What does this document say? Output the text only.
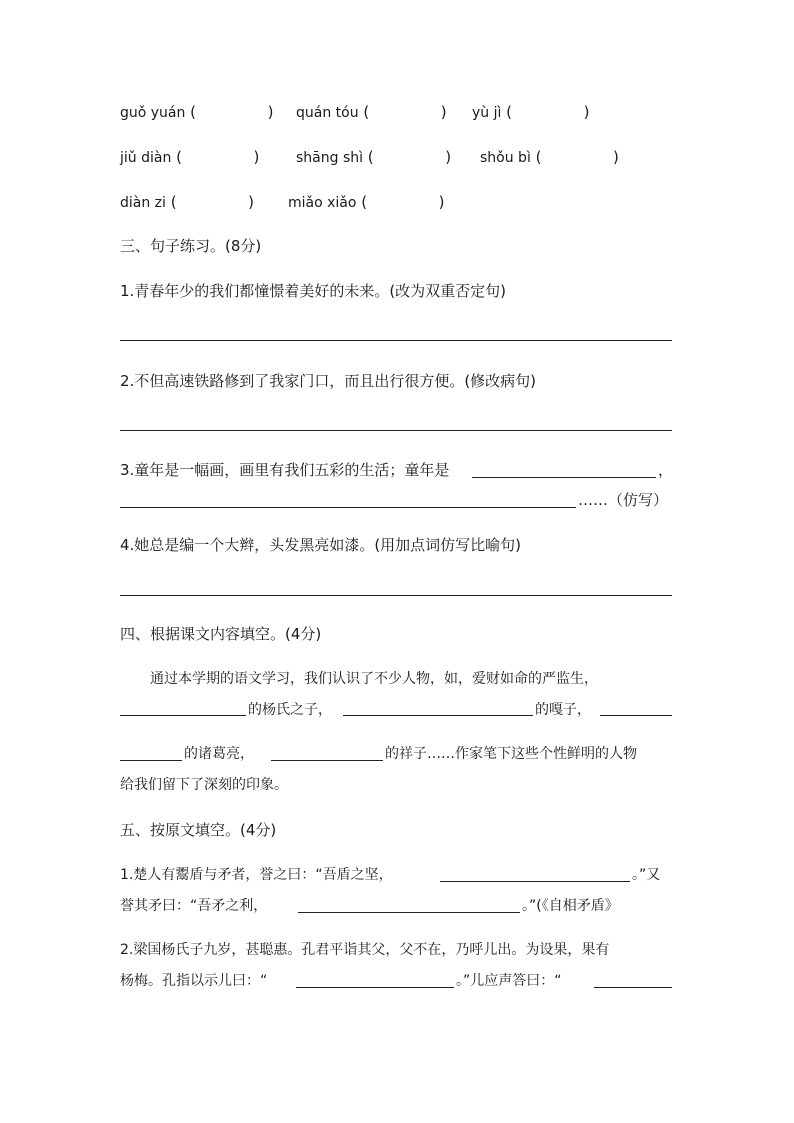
guǒ yuán (	) quán tóu (	) yù jì (	)
jiǔ diàn (	)	shāng shì (	) shǒu bì (	)
diàn zi (	) miǎo xiǎo (	)
三、句子练习。(8分)
1.青春年少的我们都憧憬着美好的未来。(改为双重否定句)
2.不但高速铁路修到了我家门口，而且出行很方便。(修改病句)
3.童年是一幅画，画里有我们五彩的生活；童年是	，
……（仿写）
4.她总是编一个大辫，头发黑亮如漆。(用加点词仿写比喻句)
四、根据课文内容填空。(4分)
通过本学期的语文学习，我们认识了不少人物，如，爱财如命的严监生，
的杨氏之子，	的嘎子，
的诸葛亮，	的祥子……作家笔下这些个性鲜明的人物
给我们留下了深刻的印象。
五、按原文填空。(4分)
1.楚人有鬻盾与矛者，誉之曰：“吾盾之坚，	。”又
誉其矛曰：“吾矛之利，	。”(《自相矛盾》
2.梁国杨氏子九岁，甚聪惠。孔君平诣其父，父不在，乃呼儿出。为设果，果有
杨梅。孔指以示儿曰：“	。”儿应声答曰：“
